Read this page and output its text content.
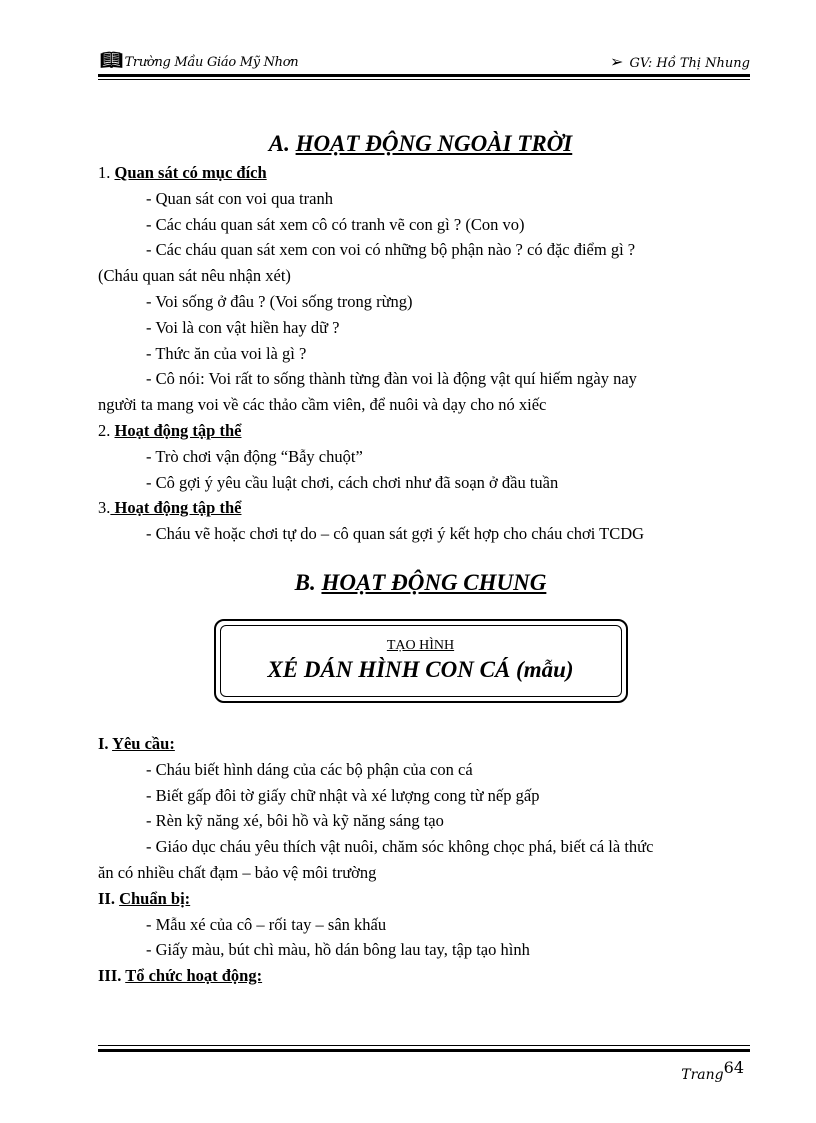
📖︎ Trường Mầu Giáo Mỹ Nhơn	➢ GV: Hồ Thị Nhung
A. HOẠT ĐỘNG NGOÀI TRỜI

1. Quan sát có mục đích

- Quan sát con voi qua tranh

- Các cháu quan sát xem cô có tranh vẽ con gì ? (Con vo)

- Các cháu quan sát xem con voi có những bộ phận nào ? có đặc điểm gì ?

(Cháu quan sát nêu nhận xét)

- Voi sống ở đâu ? (Voi sống trong rừng)

- Voi là con vật hiền hay dữ ?

- Thức ăn của voi là gì ?

- Cô nói: Voi rất to sống thành từng đàn voi là động vật quí hiếm ngày nay

người ta mang voi về các thảo cầm viên, để nuôi và dạy cho nó xiếc

2. Hoạt động tập thể

- Trò chơi vận động “Bẫy chuột”

- Cô gợi ý yêu cầu luật chơi, cách chơi như đã soạn ở đầu tuần

3. Hoạt động tập thể

- Cháu vẽ hoặc chơi tự do – cô quan sát gợi ý kết hợp cho cháu chơi TCDG

B. HOẠT ĐỘNG CHUNG
TẠO HÌNH
XÉ DÁN HÌNH CON CÁ (mẫu)

I. Yêu cầu:

- Cháu biết hình dáng của các bộ phận của con cá

- Biết gấp đôi tờ giấy chữ nhật và xé lượng cong từ nếp gấp

- Rèn kỹ năng xé, bôi hồ và kỹ năng sáng tạo

- Giáo dục cháu yêu thích vật nuôi, chăm sóc không chọc phá, biết cá là thức

ăn có nhiều chất đạm – bảo vệ môi trường

II. Chuẩn bị:

- Mẫu xé của cô – rối tay – sân khấu

- Giấy màu, bút chì màu, hồ dán bông lau tay, tập tạo hình

III. Tổ chức hoạt động:

Trang64
